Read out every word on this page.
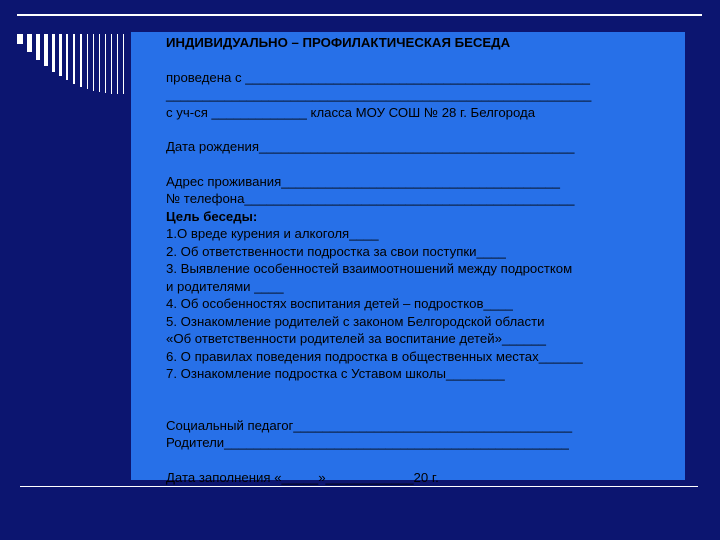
ИНДИВИДУАЛЬНО – ПРОФИЛАКТИЧЕСКАЯ БЕСЕДА
проведена с _______________________________________________
__________________________________________________________
с уч-ся _____________ класса МОУ СОШ № 28 г. Белгорода
Дата рождения___________________________________________
Адрес проживания______________________________________
№ телефона_____________________________________________
Цель беседы:
1.О вреде курения и алкоголя____
2. Об ответственности подростка за свои поступки____
3. Выявление особенностей взаимоотношений между подростком
и родителями ____
4. Об особенностях воспитания детей – подростков____
5. Ознакомление родителей с законом Белгородской области
«Об ответственности родителей за воспитание детей»______
6. О правилах поведения подростка в общественных местах______
7. Ознакомление подростка с Уставом школы________
Социальный педагог______________________________________
Родители_______________________________________________
Дата заполнения «_____»____________20 г.
